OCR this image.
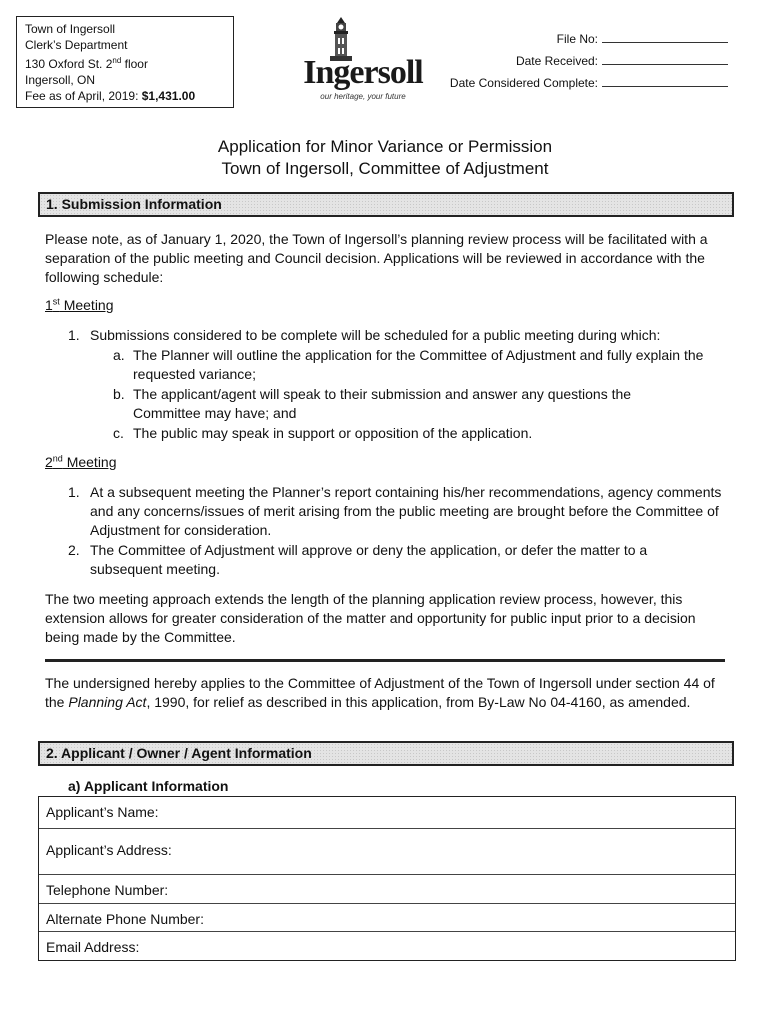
Town of Ingersoll
Clerk’s Department
130 Oxford St. 2nd floor
Ingersoll, ON
Fee as of April, 2019: $1,431.00
Ingersoll
our heritage, your future
File No:
Date Received:
Date Considered Complete:
Application for Minor Variance or Permission
Town of Ingersoll, Committee of Adjustment
1. Submission Information
Please note, as of January 1, 2020, the Town of Ingersoll’s planning review process will be facilitated with a separation of the public meeting and Council decision. Applications will be reviewed in accordance with the following schedule:
1st Meeting
1. Submissions considered to be complete will be scheduled for a public meeting during which:
a. The Planner will outline the application for the Committee of Adjustment and fully explain the requested variance;
b. The applicant/agent will speak to their submission and answer any questions the Committee may have; and
c. The public may speak in support or opposition of the application.
2nd Meeting
1. At a subsequent meeting the Planner’s report containing his/her recommendations, agency comments and any concerns/issues of merit arising from the public meeting are brought before the Committee of Adjustment for consideration.
2. The Committee of Adjustment will approve or deny the application, or defer the matter to a subsequent meeting.
The two meeting approach extends the length of the planning application review process, however, this extension allows for greater consideration of the matter and opportunity for public input prior to a decision being made by the Committee.
The undersigned hereby applies to the Committee of Adjustment of the Town of Ingersoll under section 44 of the Planning Act, 1990, for relief as described in this application, from By-Law No 04-4160, as amended.
2. Applicant / Owner / Agent Information
a) Applicant Information
Applicant’s Name:
Applicant’s Address:
Telephone Number:
Alternate Phone Number:
Email Address:
